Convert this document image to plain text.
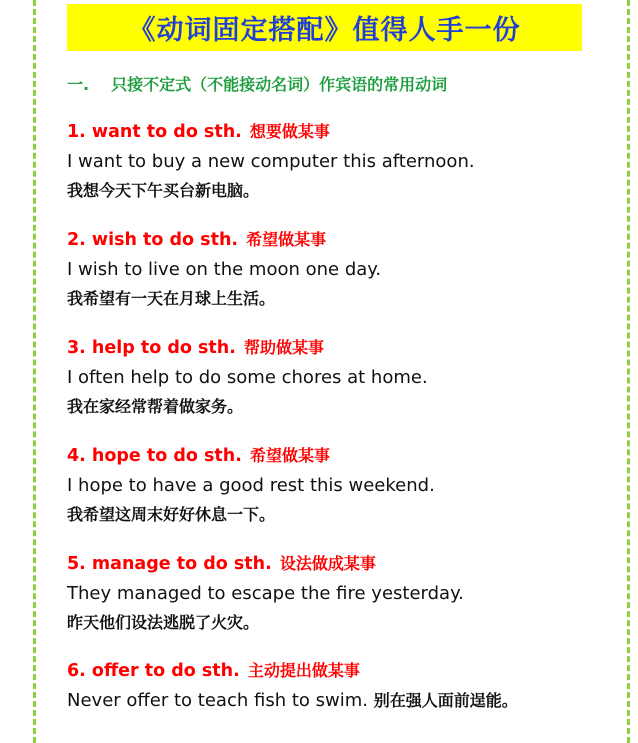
《动词固定搭配》值得人手一份
一. 只接不定式（不能接动名词）作宾语的常用动词
1. want to do sth. 想要做某事
I want to buy a new computer this afternoon.
我想今天下午买台新电脑。
2. wish to do sth. 希望做某事
I wish to live on the moon one day.
我希望有一天在月球上生活。
3. help to do sth. 帮助做某事
I often help to do some chores at home.
我在家经常帮着做家务。
4. hope to do sth. 希望做某事
I hope to have a good rest this weekend.
我希望这周末好好休息一下。
5. manage to do sth. 设法做成某事
They managed to escape the fire yesterday.
昨天他们设法逃脱了火灾。
6. offer to do sth. 主动提出做某事
Never offer to teach fish to swim. 别在强人面前逞能。
